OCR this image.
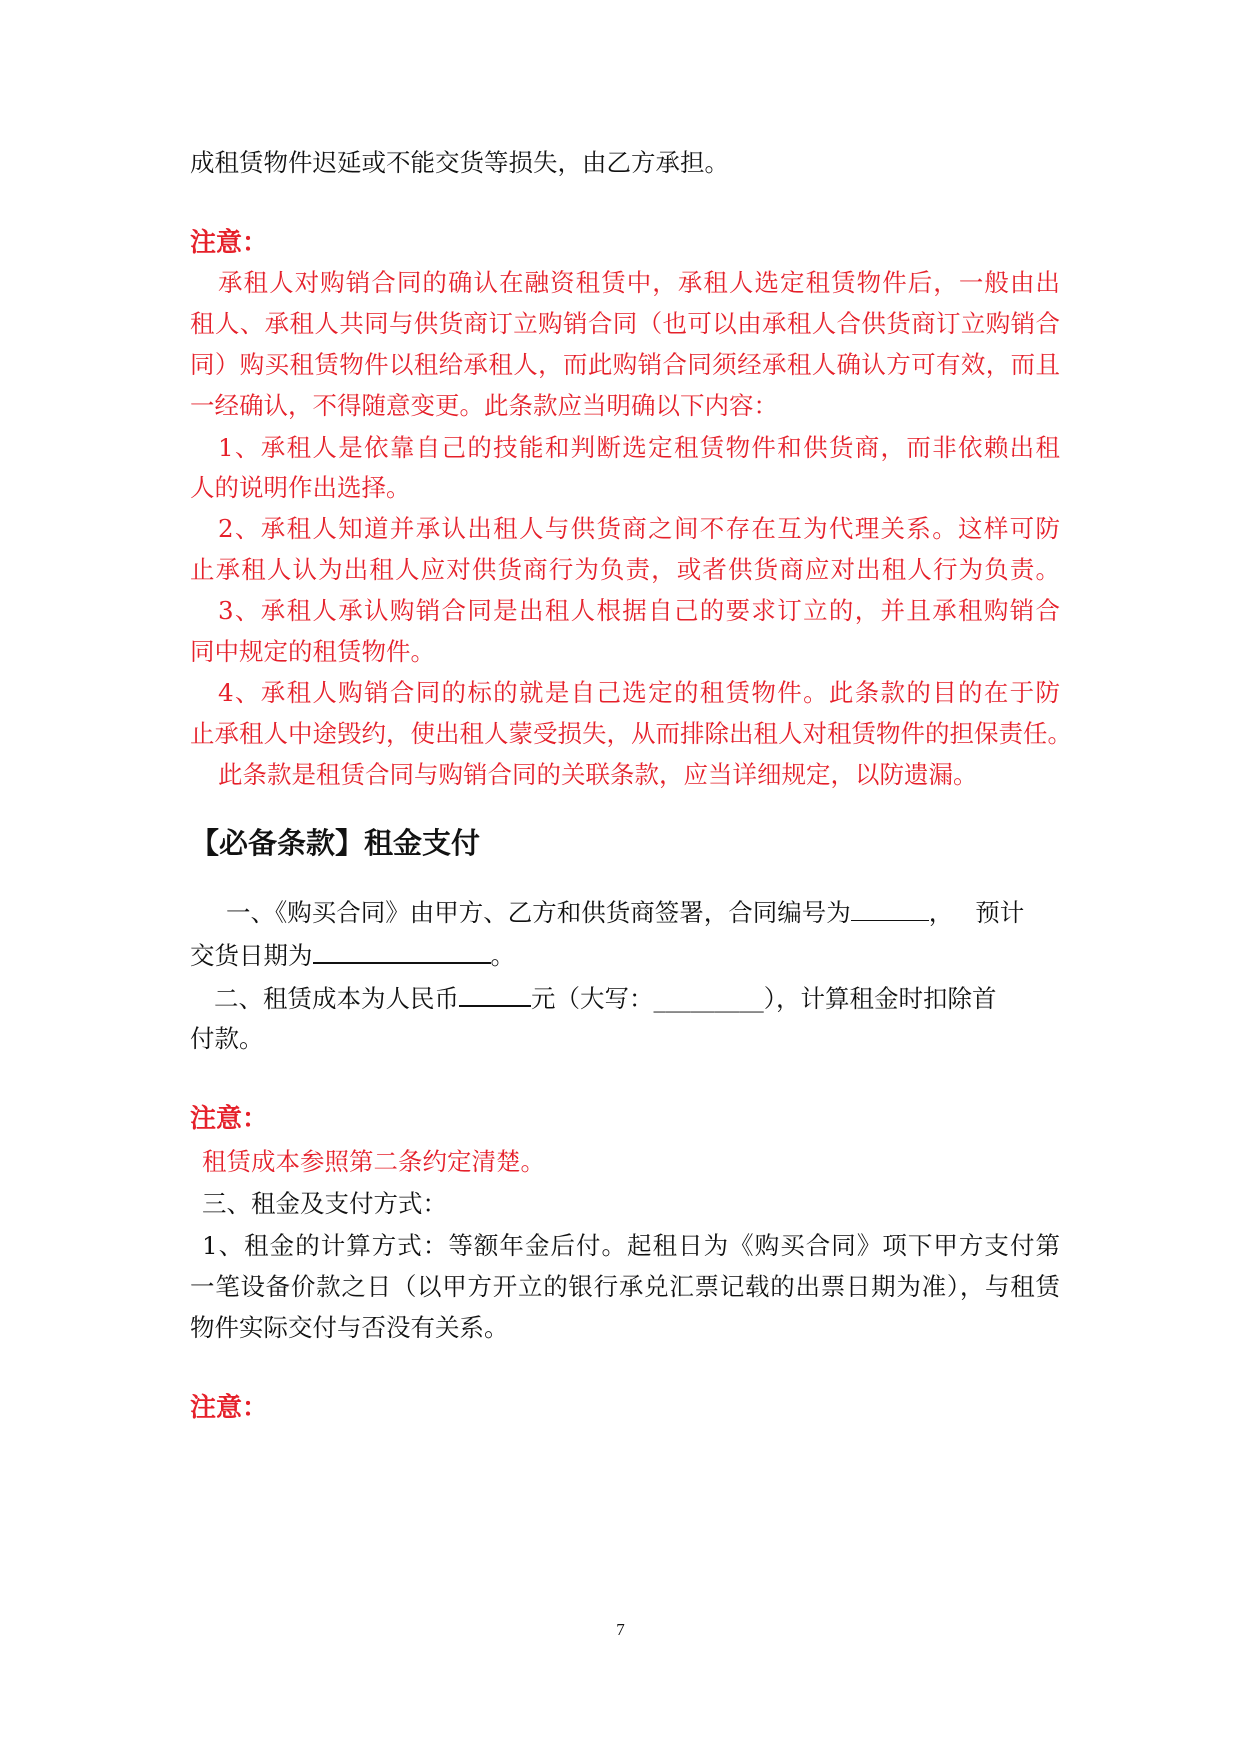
成租赁物件迟延或不能交货等损失，由乙方承担。
注意：
承租人对购销合同的确认在融资租赁中，承租人选定租赁物件后，一般由出
租人、承租人共同与供货商订立购销合同（也可以由承租人合供货商订立购销合
同）购买租赁物件以租给承租人，而此购销合同须经承租人确认方可有效，而且
一经确认，不得随意变更。此条款应当明确以下内容：
1、承租人是依靠自己的技能和判断选定租赁物件和供货商，而非依赖出租
人的说明作出选择。
2、承租人知道并承认出租人与供货商之间不存在互为代理关系。这样可防
止承租人认为出租人应对供货商行为负责，或者供货商应对出租人行为负责。
3、承租人承认购销合同是出租人根据自己的要求订立的，并且承租购销合
同中规定的租赁物件。
4、承租人购销合同的标的就是自己选定的租赁物件。此条款的目的在于防
止承租人中途毁约，使出租人蒙受损失，从而排除出租人对租赁物件的担保责任。
此条款是租赁合同与购销合同的关联条款，应当详细规定，以防遗漏。
【必备条款】租金支付
一、《购买合同》由甲方、乙方和供货商签署，合同编号为	， 预计
交货日期为	。
二、租赁成本为人民币	元（大写：_________），计算租金时扣除首
付款。
注意：
租赁成本参照第二条约定清楚。
三、租金及支付方式：
1、租金的计算方式：等额年金后付。起租日为《购买合同》项下甲方支付第
一笔设备价款之日（以甲方开立的银行承兑汇票记载的出票日期为准），与租赁
物件实际交付与否没有关系。
注意：
7
